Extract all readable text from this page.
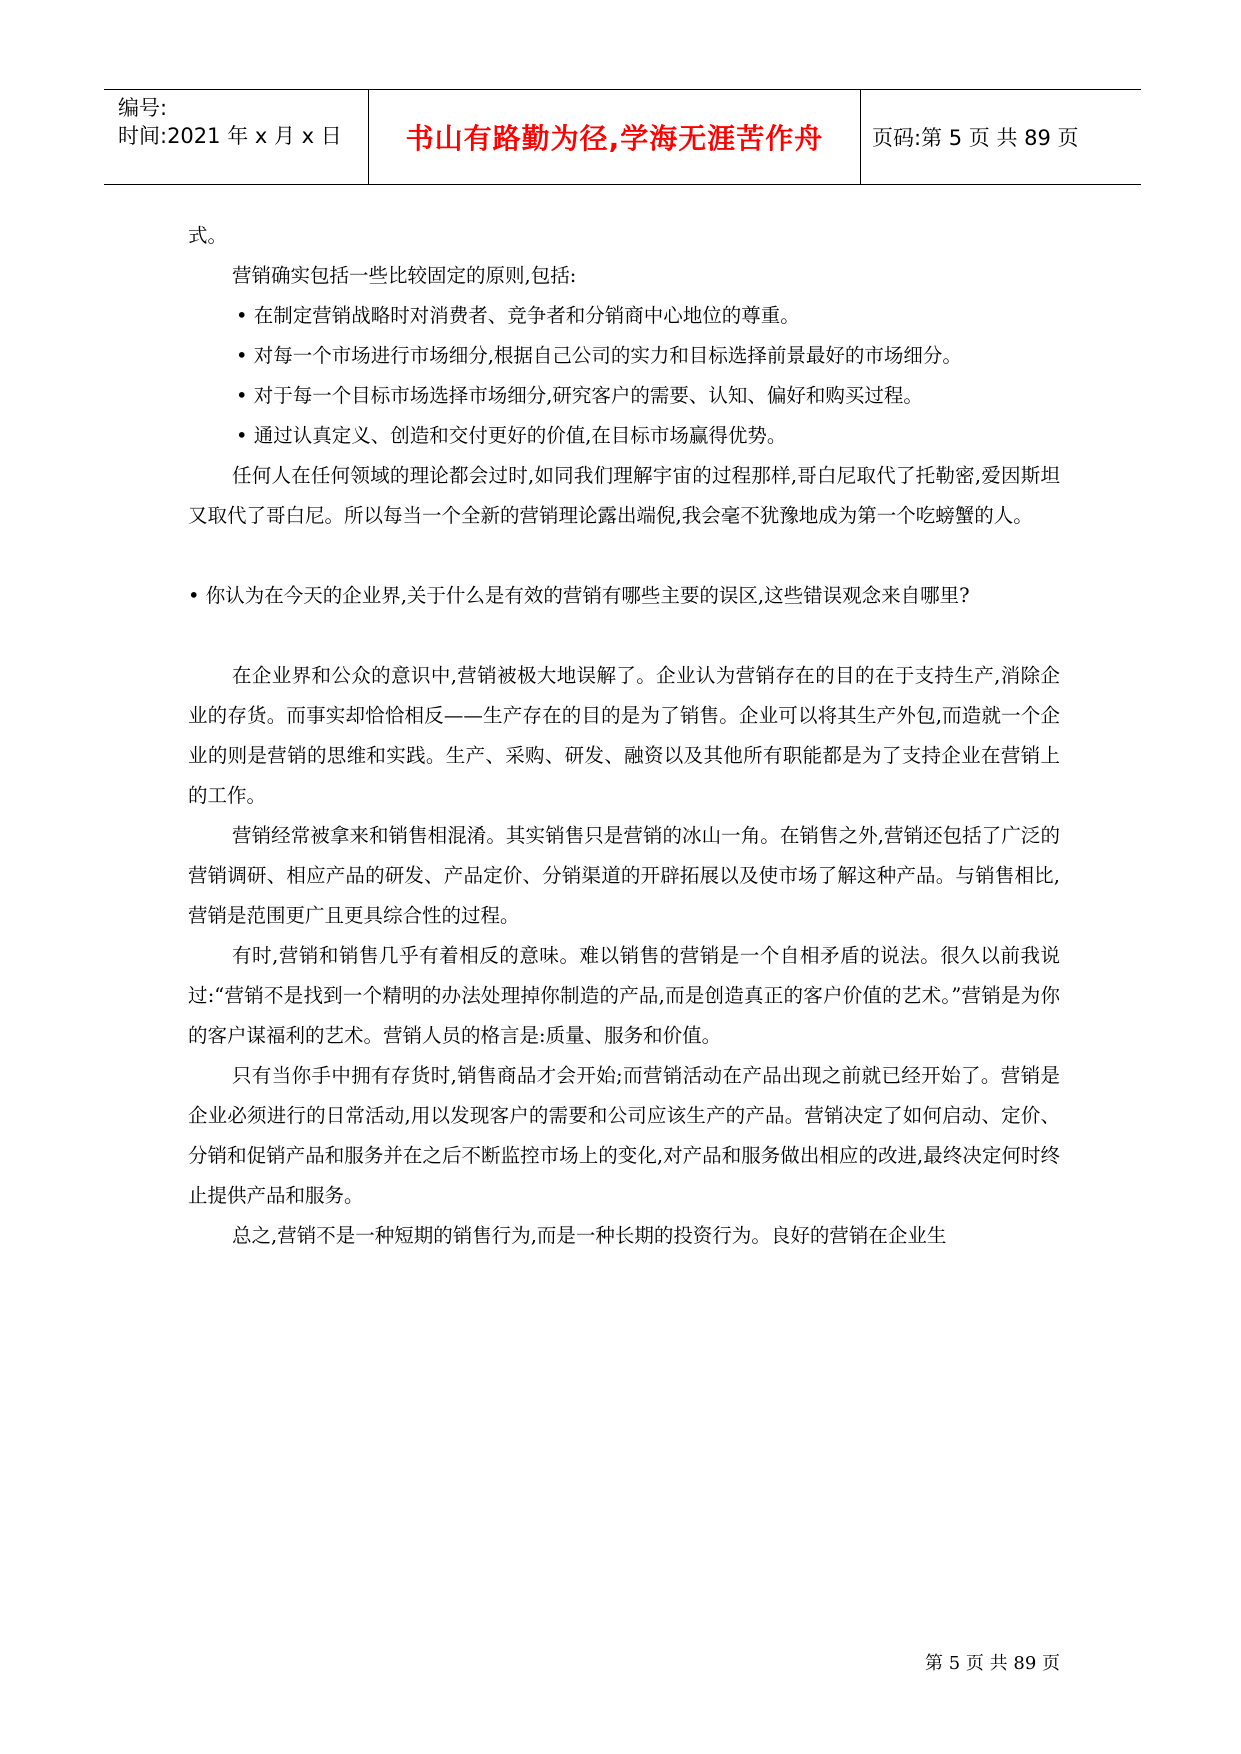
编号:
时间:2021 年 x 月 x 日	书山有路勤为径,学海无涯苦作舟	页码:第 5 页 共 89 页

式。

营销确实包括一些比较固定的原则,包括:

• 在制定营销战略时对消费者、竞争者和分销商中心地位的尊重。

• 对每一个市场进行市场细分,根据自己公司的实力和目标选择前景最好的市场细分。

• 对于每一个目标市场选择市场细分,研究客户的需要、认知、偏好和购买过程。

• 通过认真定义、创造和交付更好的价值,在目标市场赢得优势。

任何人在任何领域的理论都会过时,如同我们理解宇宙的过程那样,哥白尼取代了托勒密,爱因斯坦又取代了哥白尼。所以每当一个全新的营销理论露出端倪,我会毫不犹豫地成为第一个吃螃蟹的人。

• 你认为在今天的企业界,关于什么是有效的营销有哪些主要的误区,这些错误观念来自哪里?

在企业界和公众的意识中,营销被极大地误解了。企业认为营销存在的目的在于支持生产,消除企业的存货。而事实却恰恰相反——生产存在的目的是为了销售。企业可以将其生产外包,而造就一个企业的则是营销的思维和实践。生产、采购、研发、融资以及其他所有职能都是为了支持企业在营销上的工作。

营销经常被拿来和销售相混淆。其实销售只是营销的冰山一角。在销售之外,营销还包括了广泛的营销调研、相应产品的研发、产品定价、分销渠道的开辟拓展以及使市场了解这种产品。与销售相比,营销是范围更广且更具综合性的过程。

有时,营销和销售几乎有着相反的意味。难以销售的营销是一个自相矛盾的说法。很久以前我说过:“营销不是找到一个精明的办法处理掉你制造的产品,而是创造真正的客户价值的艺术。”营销是为你的客户谋福利的艺术。营销人员的格言是:质量、服务和价值。

只有当你手中拥有存货时,销售商品才会开始;而营销活动在产品出现之前就已经开始了。营销是企业必须进行的日常活动,用以发现客户的需要和公司应该生产的产品。营销决定了如何启动、定价、分销和促销产品和服务并在之后不断监控市场上的变化,对产品和服务做出相应的改进,最终决定何时终止提供产品和服务。

总之,营销不是一种短期的销售行为,而是一种长期的投资行为。良好的营销在企业生

第 5 页 共 89 页
